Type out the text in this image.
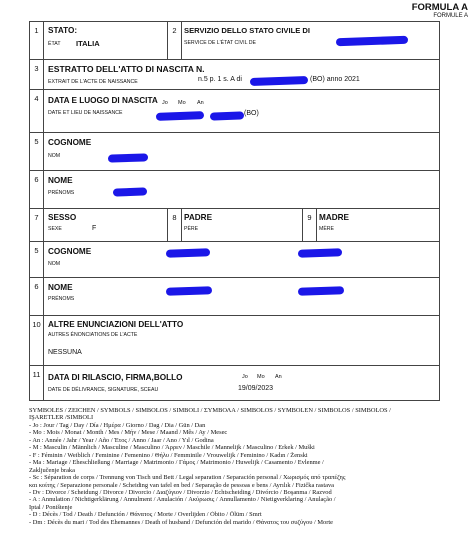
FORMULA A
FORMULE A
1	STATO:
ÉTAT ITALIA
2 SERVIZIO DELLO STATO CIVILE DI
SERVICE DE L'ÉTAT CIVIL DE
3	ESTRATTO DELL'ATTO DI NASCITA N.
EXTRAIT DE L'ACTE DE NAISSANCE	n.5 p. 1 s. A di	(BO) anno 2021
4	DATA E LUOGO DI NASCITA
DATE ET LIEU DE NAISSANCE
Jo Mo An
(BO)
5	COGNOME
NOM
6	NOME
PRÉNOMS
7	SESSO
SEXE	F
8 PADRE
PÈRE
9 MADRE
MÈRE
5	COGNOME
NOM
6	NOME
PRÉNOMS
10 ALTRE ENUNCIAZIONI DELL'ATTO
AUTRES ÉNONCIATIONS DE L'ACTE
NESSUNA
11 DATA DI RILASCIO, FIRMA,BOLLO
DATE DE DÉLIVRANCE, SIGNATURE, SCEAU
Jo Mo An
19/09/2023
SYMBOLES / ZEICHEN / SYMBOLS / SIMBOLOS / SIMBOLI / ΣΥΜΒΟΛΑ / SIMBOLOS / SYMBOLEN / SIMBOLOS / SIMBOLOS /
IŞARETLER /SIMBOLI
- Jo : Jour / Tag / Day / Día / Ημέρα / Giorno / Dag / Dia / Gün / Dan
- Mo : Mois / Monat / Month / Mes / Μήν / Mese / Maand / Mês / Ay / Mesec
- An : Année / Jahr / Year / Año / Έτος / Anno / Jaar / Ano / Yıl / Godina
- M : Masculin / Männlich / Masculine / Masculino / Άρρεν / Maschile / Mannelijk / Masculino / Erkek / Muški
- F : Féminin / Weiblich / Feminine / Femenino / Θήλυ / Femminile / Vrouwelijk / Feminino / Kadın / Ženski
- Ma : Mariage / Eheschließung / Marriage / Matrimonio / Γάμος / Matrimonio / Huwelijk / Casamento / Evlenme /
Zaključenje braka
- Sc : Séparation de corps / Trennung von Tisch und Bett / Legal separation / Separación personal / Χωρισμός από τραπέζης
και κοίτης / Separazione personale / Scheiding van tafel en bed / Separação de pessoas e bens / Ayrılık / Fizička rastava
- Dv : Divorce / Scheidung / Divorce / Divorcio / Διαζύγιον / Divorzio / Echtscheiding / Divórcio / Boşanma / Razvod
- A : Annulation / Nichtigerklärung / Annulment / Anulación / Ακύρωσις / Annullamento / Nietigverklaring / Anulação /
Iptal / Poništenje
- D : Décès / Tod / Death / Defunción / Θάνατος / Morte / Overlijden / Óbito / Ölüm / Smrt
- Dm : Décès du mari / Tod des Ehemannes / Death of husband / Defunción del marido / Θάνατος του συζύγου / Morte
